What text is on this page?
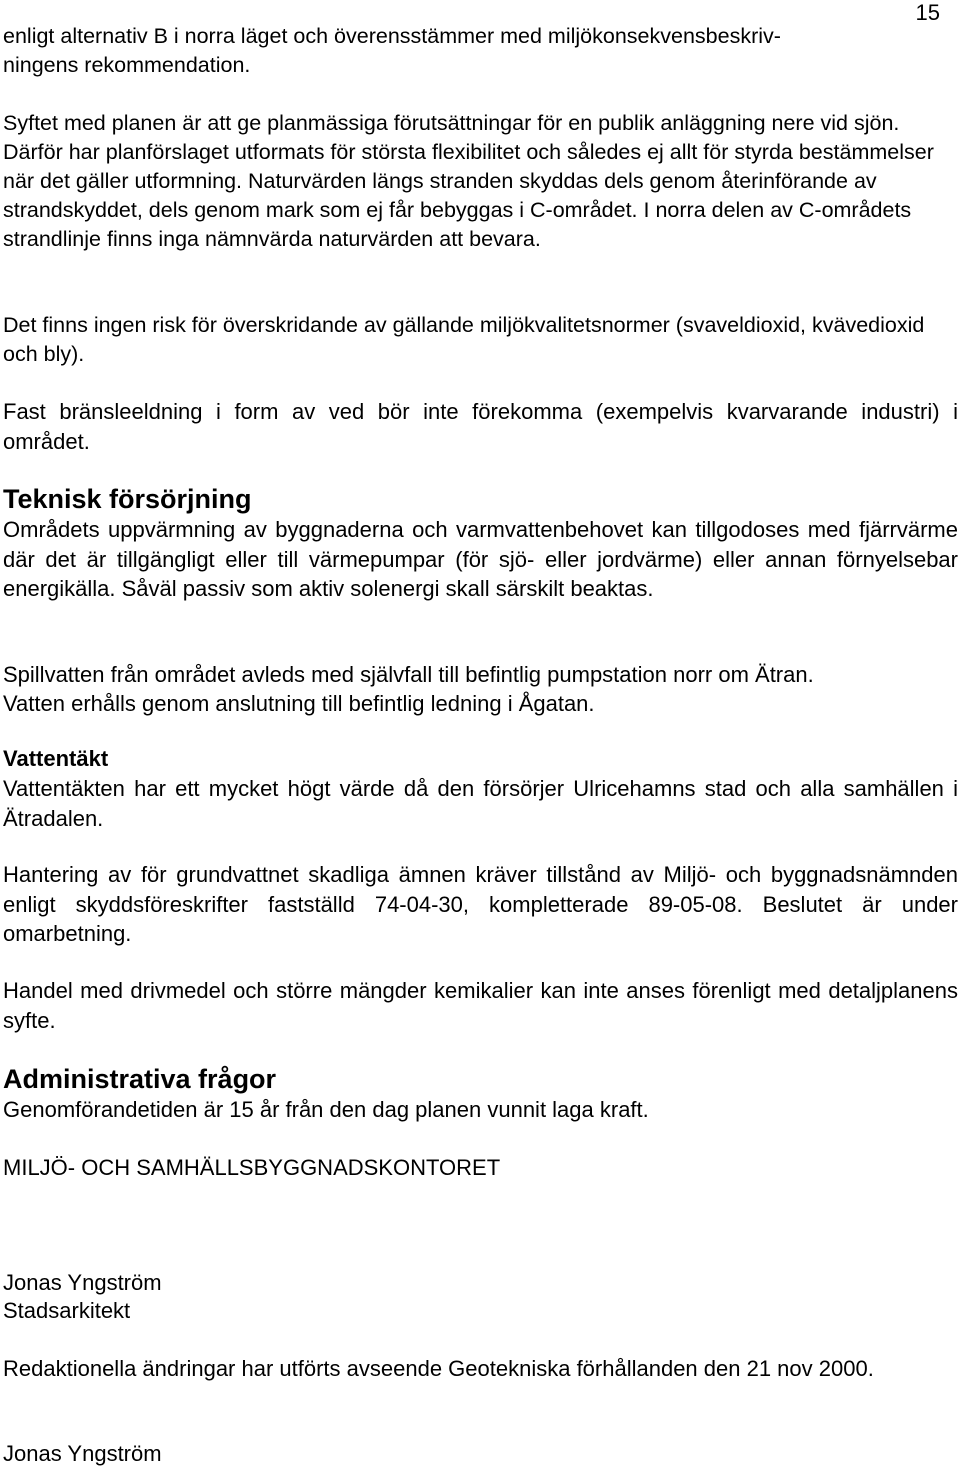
15

enligt alternativ B i norra läget och överensstämmer med miljökonsekvensbeskriv-

ningens rekommendation.

Syftet med planen är att ge planmässiga förutsättningar för en publik anläggning nere vid sjön. Därför har planförslaget utformats för största flexibilitet och således ej allt för styrda bestämmelser när det gäller utformning. Naturvärden längs stranden skyddas dels genom återinförande av strandskyddet, dels genom mark som ej får bebyggas i C-området. I norra delen av C-områdets strandlinje finns inga nämnvärda naturvärden att bevara.

Det finns ingen risk för överskridande av gällande miljökvalitetsnormer (svaveldioxid, kvävedioxid och bly).

Fast bränsleeldning i form av ved bör inte förekomma (exempelvis kvarvarande industri) i området.

Teknisk försörjning

Områdets uppvärmning av byggnaderna och varmvattenbehovet kan tillgodoses med fjärrvärme där det är tillgängligt eller till värmepumpar (för sjö- eller jordvärme) eller annan förnyelsebar energikälla. Såväl passiv som aktiv solenergi skall särskilt beaktas.

Spillvatten från området avleds med självfall till befintlig pumpstation norr om Ätran.

Vatten erhålls genom anslutning till befintlig ledning i Ågatan.

Vattentäkt

Vattentäkten har ett mycket högt värde då den försörjer Ulricehamns stad och alla samhällen i Ätradalen.

Hantering av för grundvattnet skadliga ämnen kräver tillstånd av Miljö- och byggnadsnämnden enligt skyddsföreskrifter fastställd 74-04-30, kompletterade 89-05-08. Beslutet är under omarbetning.

Handel med drivmedel och större mängder kemikalier kan inte anses förenligt med detaljplanens syfte.

Administrativa frågor

Genomförandetiden är 15 år från den dag planen vunnit laga kraft.

MILJÖ- OCH SAMHÄLLSBYGGNADSKONTORET

Jonas Yngström

Stadsarkitekt

Redaktionella ändringar har utförts avseende Geotekniska förhållanden den 21 nov 2000.

Jonas Yngström
